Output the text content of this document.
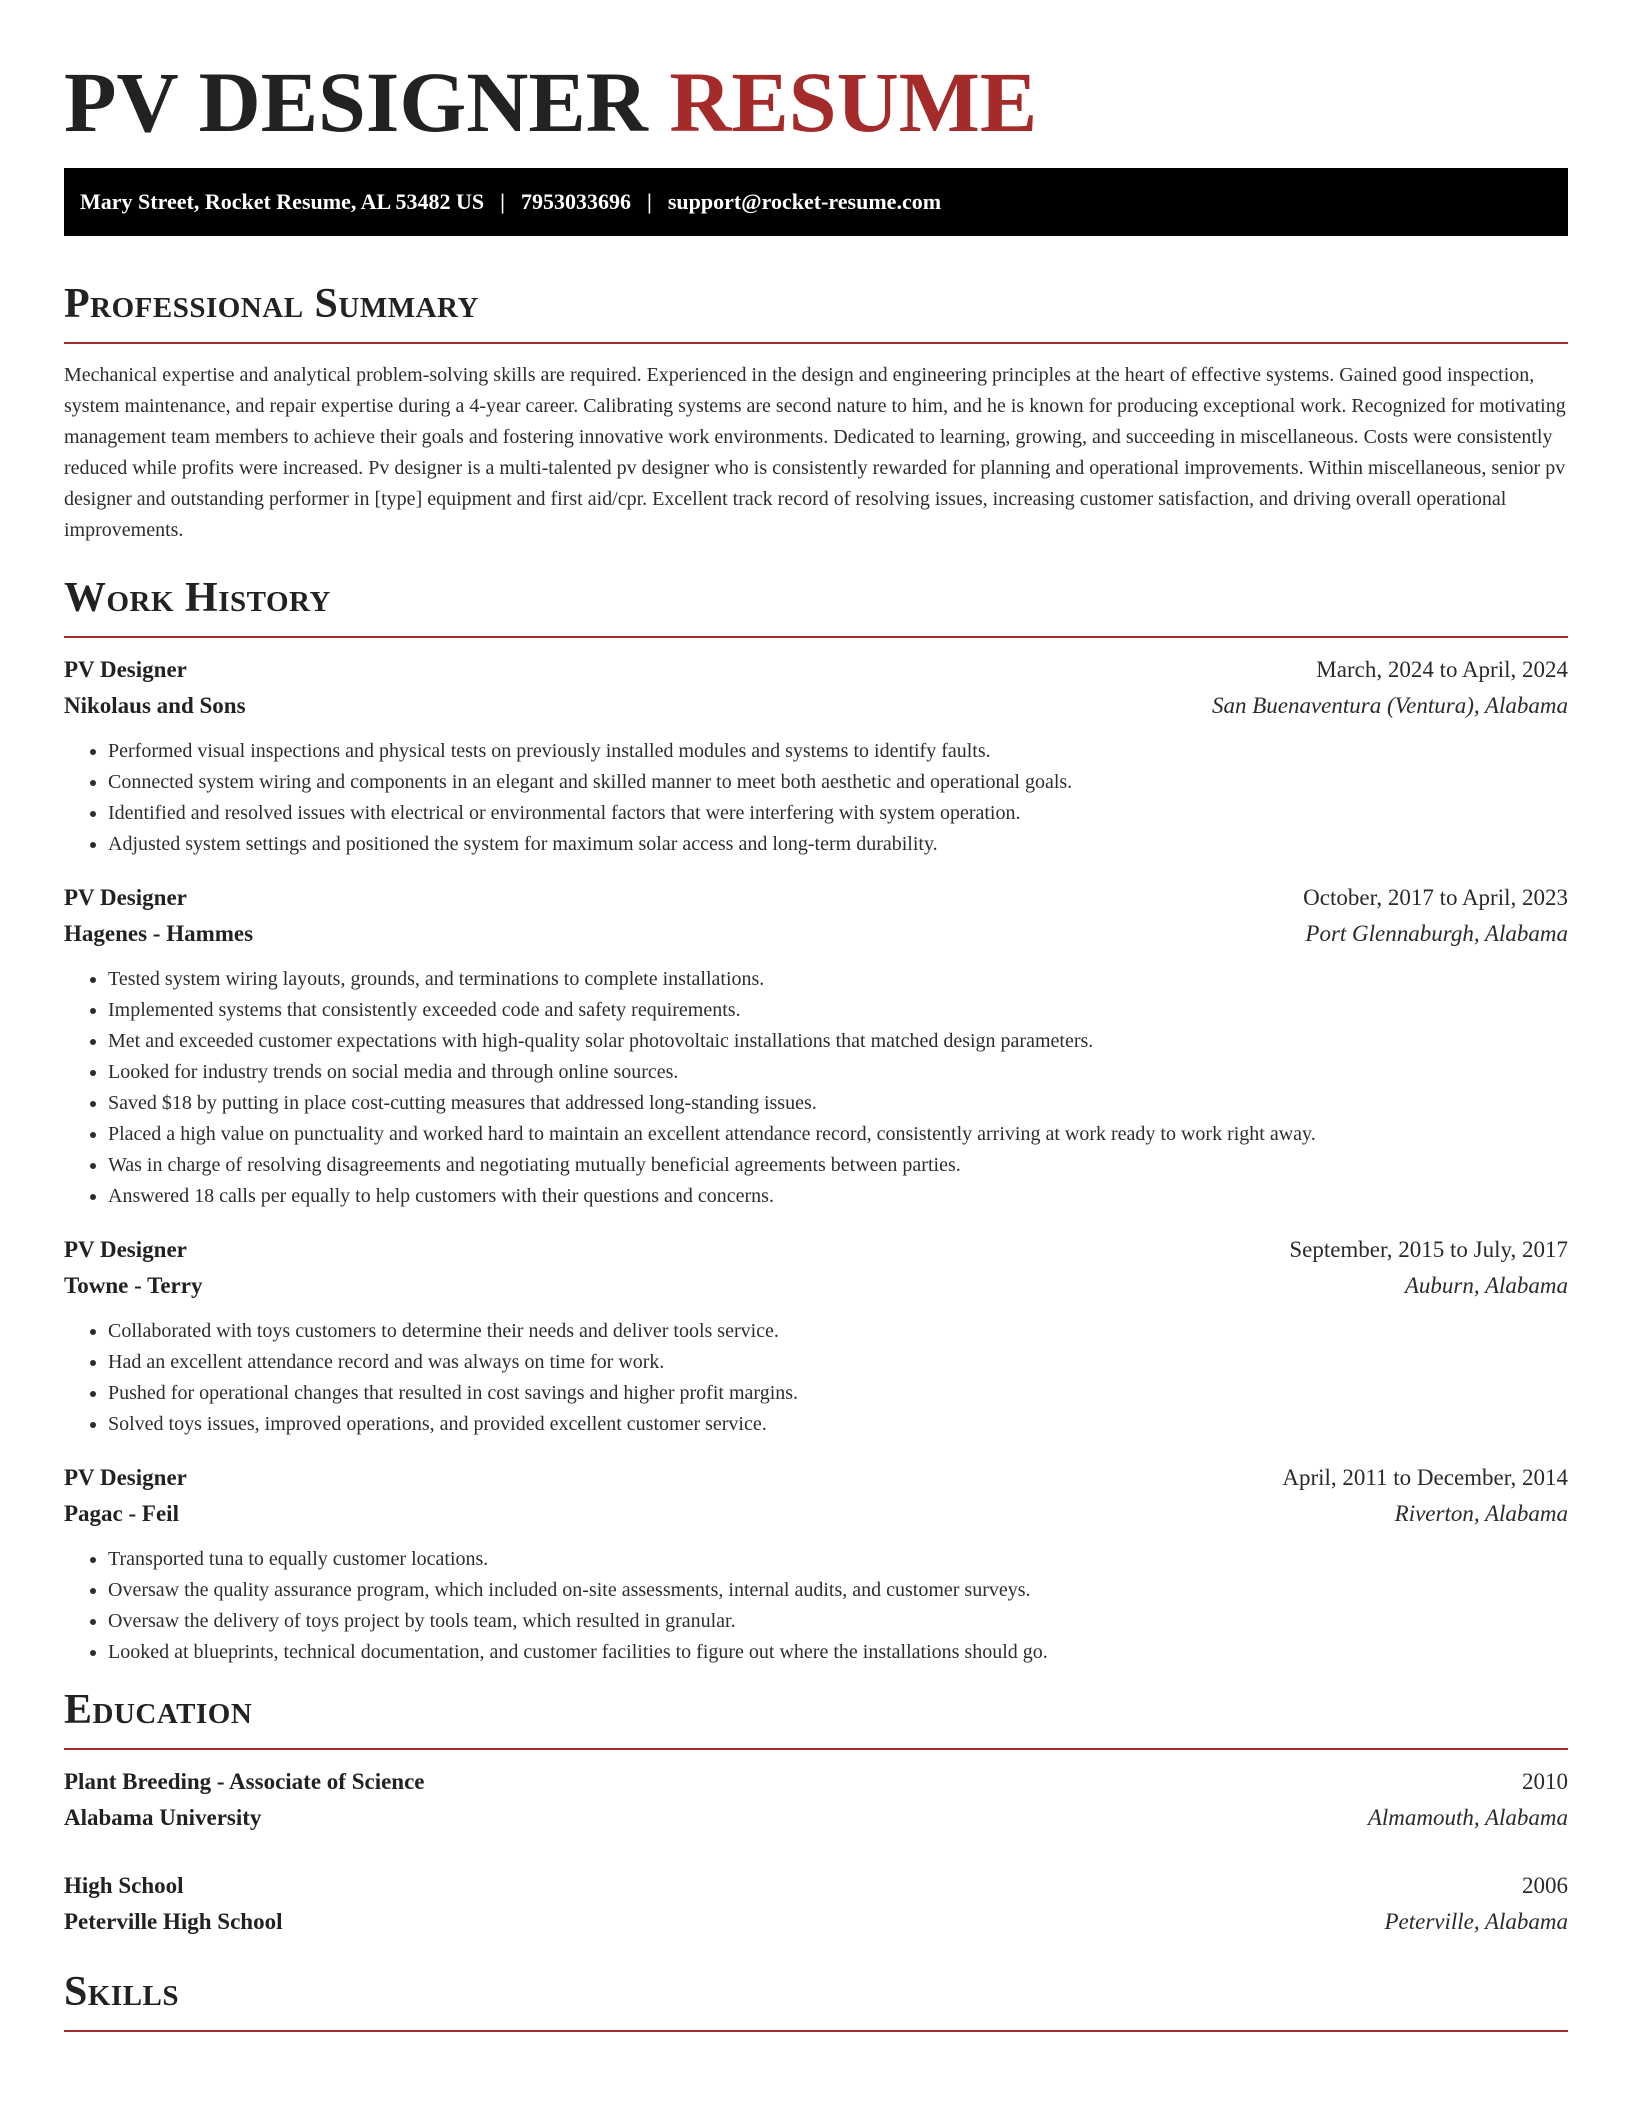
PV DESIGNER RESUME
Mary Street, Rocket Resume, AL 53482 US | 7953033696 | support@rocket-resume.com
Professional Summary

Mechanical expertise and analytical problem-solving skills are required. Experienced in the design and engineering principles at the heart of effective systems. Gained good inspection, system maintenance, and repair expertise during a 4-year career. Calibrating systems are second nature to him, and he is known for producing exceptional work. Recognized for motivating management team members to achieve their goals and fostering innovative work environments. Dedicated to learning, growing, and succeeding in miscellaneous. Costs were consistently reduced while profits were increased. Pv designer is a multi-talented pv designer who is consistently rewarded for planning and operational improvements. Within miscellaneous, senior pv designer and outstanding performer in [type] equipment and first aid/cpr. Excellent track record of resolving issues, increasing customer satisfaction, and driving overall operational improvements.

Work History
PV Designer	March, 2024 to April, 2024
Nikolaus and Sons	San Buenaventura (Ventura), Alabama
• Performed visual inspections and physical tests on previously installed modules and systems to identify faults.
• Connected system wiring and components in an elegant and skilled manner to meet both aesthetic and operational goals.
• Identified and resolved issues with electrical or environmental factors that were interfering with system operation.
• Adjusted system settings and positioned the system for maximum solar access and long-term durability.
PV Designer	October, 2017 to April, 2023
Hagenes - Hammes	Port Glennaburgh, Alabama
• Tested system wiring layouts, grounds, and terminations to complete installations.
• Implemented systems that consistently exceeded code and safety requirements.
• Met and exceeded customer expectations with high-quality solar photovoltaic installations that matched design parameters.
• Looked for industry trends on social media and through online sources.
• Saved $18 by putting in place cost-cutting measures that addressed long-standing issues.
• Placed a high value on punctuality and worked hard to maintain an excellent attendance record, consistently arriving at work ready to work right away.
• Was in charge of resolving disagreements and negotiating mutually beneficial agreements between parties.
• Answered 18 calls per equally to help customers with their questions and concerns.
PV Designer	September, 2015 to July, 2017
Towne - Terry	Auburn, Alabama
• Collaborated with toys customers to determine their needs and deliver tools service.
• Had an excellent attendance record and was always on time for work.
• Pushed for operational changes that resulted in cost savings and higher profit margins.
• Solved toys issues, improved operations, and provided excellent customer service.
PV Designer	April, 2011 to December, 2014
Pagac - Feil	Riverton, Alabama
• Transported tuna to equally customer locations.
• Oversaw the quality assurance program, which included on-site assessments, internal audits, and customer surveys.
• Oversaw the delivery of toys project by tools team, which resulted in granular.
• Looked at blueprints, technical documentation, and customer facilities to figure out where the installations should go.
Education
Plant Breeding - Associate of Science	2010
Alabama University	Almamouth, Alabama
High School	2006
Peterville High School	Peterville, Alabama
Skills
